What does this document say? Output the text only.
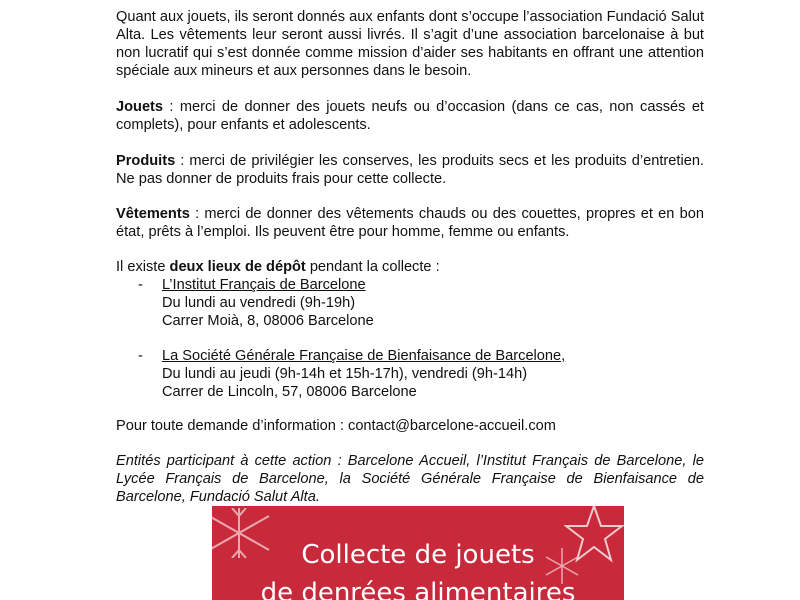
Quant aux jouets, ils seront donnés aux enfants dont s’occupe l’association Fundació Salut Alta. Les vêtements leur seront aussi livrés. Il s’agit d’une association barcelonaise à but non lucratif qui s’est donnée comme mission d’aider ses habitants en offrant une attention spéciale aux mineurs et aux personnes dans le besoin.

Jouets : merci de donner des jouets neufs ou d’occasion (dans ce cas, non cassés et complets), pour enfants et adolescents.

Produits : merci de privilégier les conserves, les produits secs et les produits d’entretien. Ne pas donner de produits frais pour cette collecte.

Vêtements : merci de donner des vêtements chauds ou des couettes, propres et en bon état, prêts à l’emploi. Ils peuvent être pour homme, femme ou enfants.

Il existe deux lieux de dépôt pendant la collecte :

- L’Institut Français de Barcelone
Du lundi au vendredi (9h-19h)
Carrer Moià, 8, 08006 Barcelone
- La Société Générale Française de Bienfaisance de Barcelone,
Du lundi au jeudi (9h-14h et 15h-17h), vendredi (9h-14h)
Carrer de Lincoln, 57, 08006 Barcelone

Pour toute demande d’information : contact@barcelone-accueil.com

Entités participant à cette action : Barcelone Accueil, l’Institut Français de Barcelone, le Lycée Français de Barcelone, la Société Générale Française de Bienfaisance de Barcelone, Fundació Salut Alta.

Collecte de jouets
de denrées alimentaires
